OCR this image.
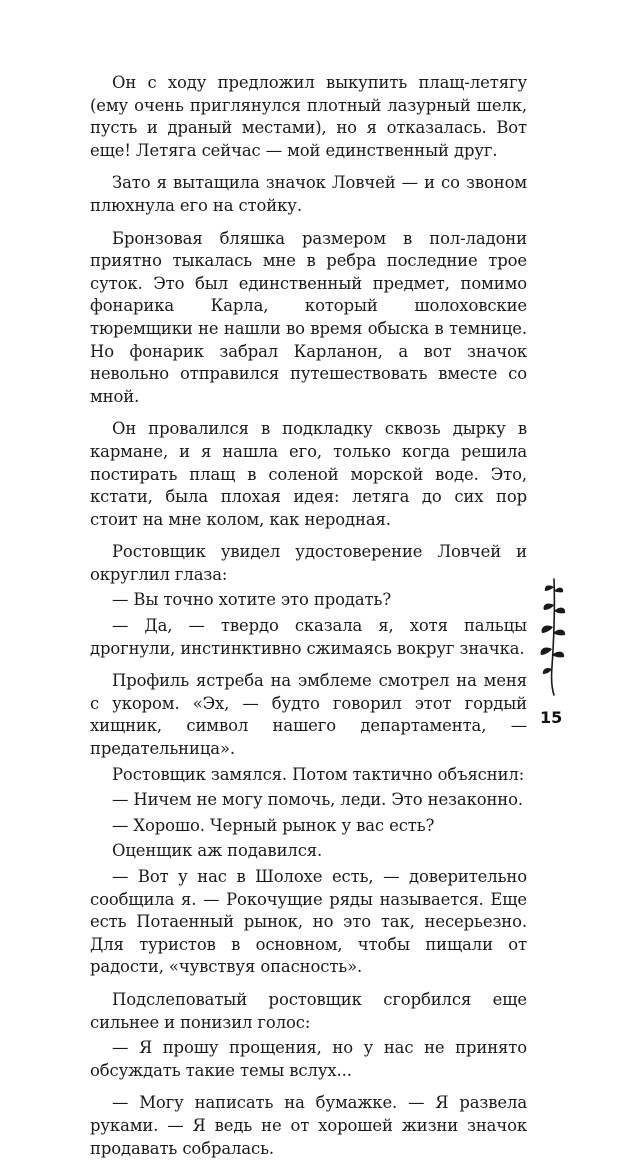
Он с ходу предложил выкупить плащ-летягу (ему очень приглянулся плотный лазурный шелк, пусть и драный местами), но я отказалась. Вот еще! Летяга сейчас — мой единственный друг.

Зато я вытащила значок Ловчей — и со звоном плюхнула его на стойку.

Бронзовая бляшка размером в пол-ладони приятно тыкалась мне в ребра последние трое суток. Это был единственный предмет, помимо фонарика Карла, который шолоховские тюремщики не нашли во время обыска в темнице. Но фонарик забрал Карланон, а вот значок невольно отправился путешествовать вместе со мной.

Он провалился в подкладку сквозь дырку в кармане, и я нашла его, только когда решила постирать плащ в соленой морской воде. Это, кстати, была плохая идея: летяга до сих пор стоит на мне колом, как неродная.

Ростовщик увидел удостоверение Ловчей и округлил глаза:

— Вы точно хотите это продать?

— Да, — твердо сказала я, хотя пальцы дрогнули, инстинктивно сжимаясь вокруг значка.

Профиль ястреба на эмблеме смотрел на меня с укором. «Эх, — будто говорил этот гордый хищник, символ нашего департамента, — предательница».

Ростовщик замялся. Потом тактично объяснил:

— Ничем не могу помочь, леди. Это незаконно.

— Хорошо. Черный рынок у вас есть?

Оценщик аж подавился.

— Вот у нас в Шолохе есть, — доверительно сообщила я. — Рокочущие ряды называется. Еще есть Потаенный рынок, но это так, несерьезно. Для туристов в основном, чтобы пищали от радости, «чувствуя опасность».

Подслеповатый ростовщик сгорбился еще сильнее и понизил голос:

— Я прошу прощения, но у нас не принято обсуждать такие темы вслух...

— Могу написать на бумажке. — Я развела руками. — Я ведь не от хорошей жизни значок продавать собралась.

15
